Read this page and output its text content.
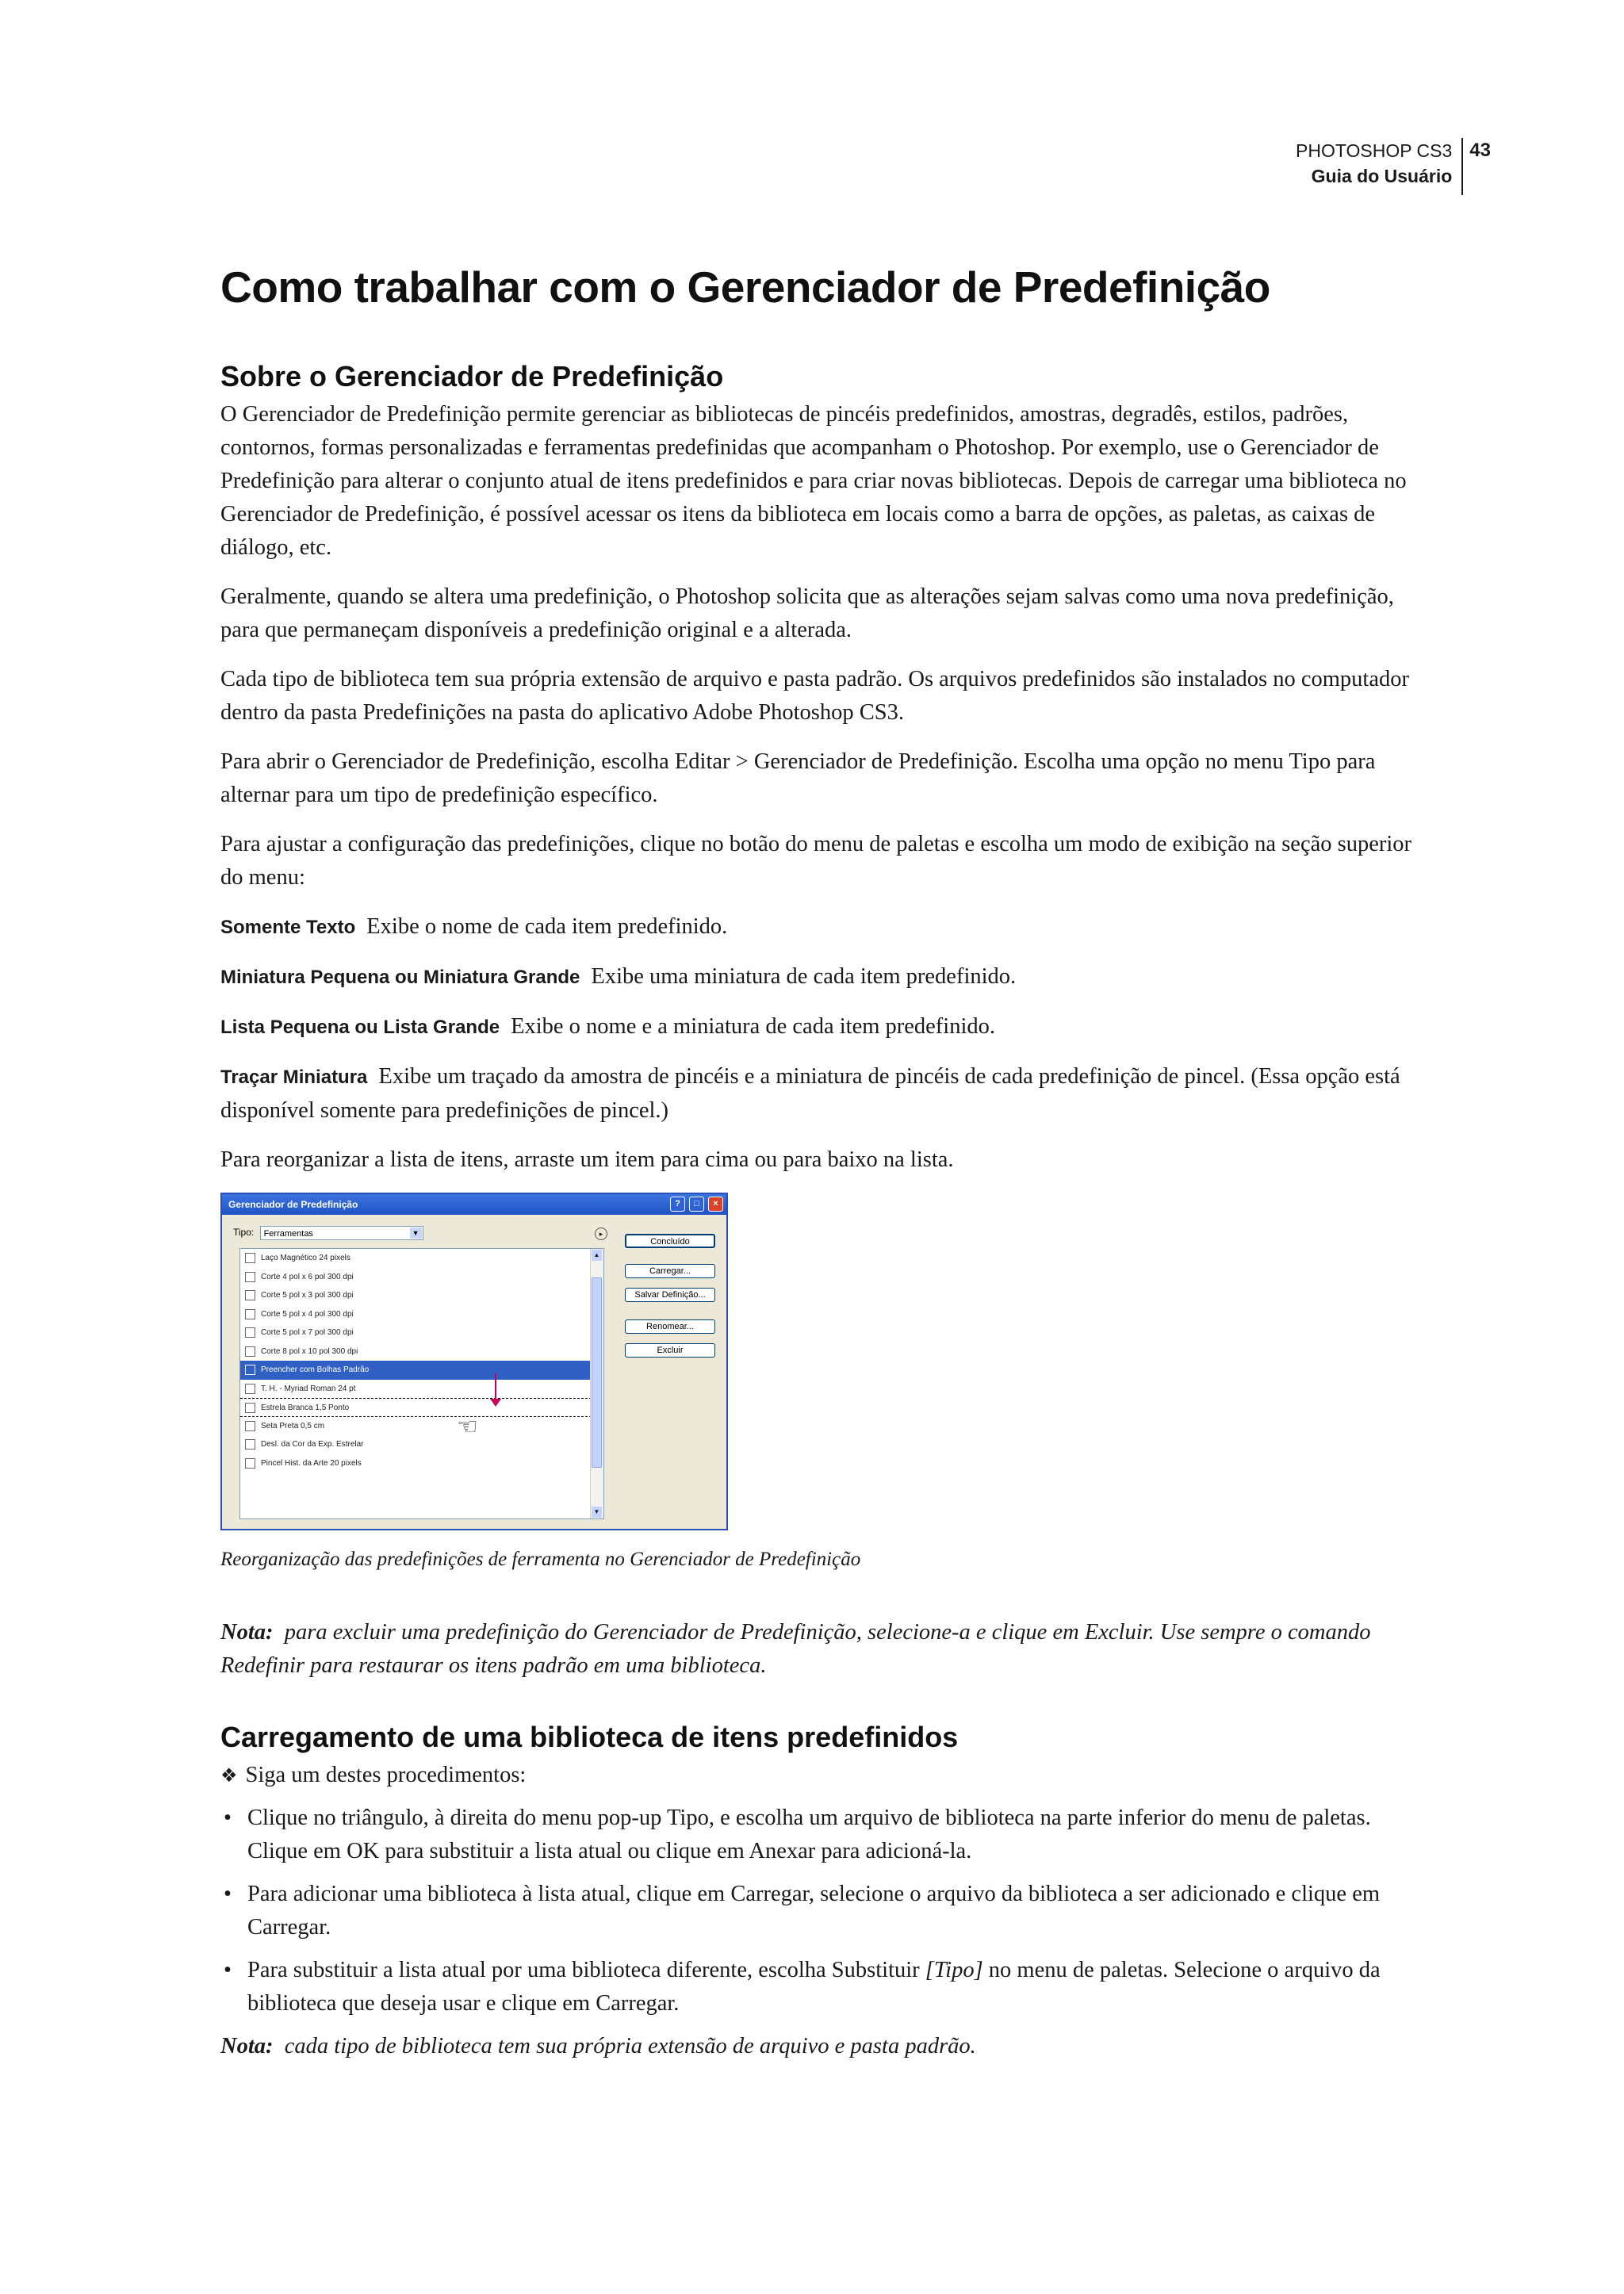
PHOTOSHOP CS3
Guia do Usuário
43
Como trabalhar com o Gerenciador de Predefinição
Sobre o Gerenciador de Predefinição

O Gerenciador de Predefinição permite gerenciar as bibliotecas de pincéis predefinidos, amostras, degradês, estilos, padrões, contornos, formas personalizadas e ferramentas predefinidas que acompanham o Photoshop. Por exemplo, use o Gerenciador de Predefinição para alterar o conjunto atual de itens predefinidos e para criar novas bibliotecas. Depois de carregar uma biblioteca no Gerenciador de Predefinição, é possível acessar os itens da biblioteca em locais como a barra de opções, as paletas, as caixas de diálogo, etc.

Geralmente, quando se altera uma predefinição, o Photoshop solicita que as alterações sejam salvas como uma nova predefinição, para que permaneçam disponíveis a predefinição original e a alterada.

Cada tipo de biblioteca tem sua própria extensão de arquivo e pasta padrão. Os arquivos predefinidos são instalados no computador dentro da pasta Predefinições na pasta do aplicativo Adobe Photoshop CS3.

Para abrir o Gerenciador de Predefinição, escolha Editar > Gerenciador de Predefinição. Escolha uma opção no menu Tipo para alternar para um tipo de predefinição específico.

Para ajustar a configuração das predefinições, clique no botão do menu de paletas e escolha um modo de exibição na seção superior do menu:

Somente Texto Exibe o nome de cada item predefinido.

Miniatura Pequena ou Miniatura Grande Exibe uma miniatura de cada item predefinido.

Lista Pequena ou Lista Grande Exibe o nome e a miniatura de cada item predefinido.

Traçar Miniatura Exibe um traçado da amostra de pincéis e a miniatura de pincéis de cada predefinição de pincel. (Essa opção está disponível somente para predefinições de pincel.)

Para reorganizar a lista de itens, arraste um item para cima ou para baixo na lista.

Gerenciador de Predefinição	?	□	×
Tipo: Ferramentas	▼	▸
Laço Magnético 24 pixels
Corte 4 pol x 6 pol 300 dpi
Corte 5 pol x 3 pol 300 dpi
Corte 5 pol x 4 pol 300 dpi
Corte 5 pol x 7 pol 300 dpi
Corte 8 pol x 10 pol 300 dpi
Preencher com Bolhas Padrão
T. H. - Myriad Roman 24 pt
Estrela Branca 1,5 Ponto
Seta Preta 0,5 cm
Desl. da Cor da Exp. Estrelar
Pincel Hist. da Arte 20 pixels
▲
▼
☜
Concluído
Carregar...
Salvar Definição...
Renomear...
Excluir

Reorganização das predefinições de ferramenta no Gerenciador de Predefinição

Nota: para excluir uma predefinição do Gerenciador de Predefinição, selecione-a e clique em Excluir. Use sempre o comando Redefinir para restaurar os itens padrão em uma biblioteca.

Carregamento de uma biblioteca de itens predefinidos
❖ Siga um destes procedimentos:
• Clique no triângulo, à direita do menu pop-up Tipo, e escolha um arquivo de biblioteca na parte inferior do menu de paletas. Clique em OK para substituir a lista atual ou clique em Anexar para adicioná-la.
• Para adicionar uma biblioteca à lista atual, clique em Carregar, selecione o arquivo da biblioteca a ser adicionado e clique em Carregar.
• Para substituir a lista atual por uma biblioteca diferente, escolha Substituir [Tipo] no menu de paletas. Selecione o arquivo da biblioteca que deseja usar e clique em Carregar.

Nota: cada tipo de biblioteca tem sua própria extensão de arquivo e pasta padrão.
